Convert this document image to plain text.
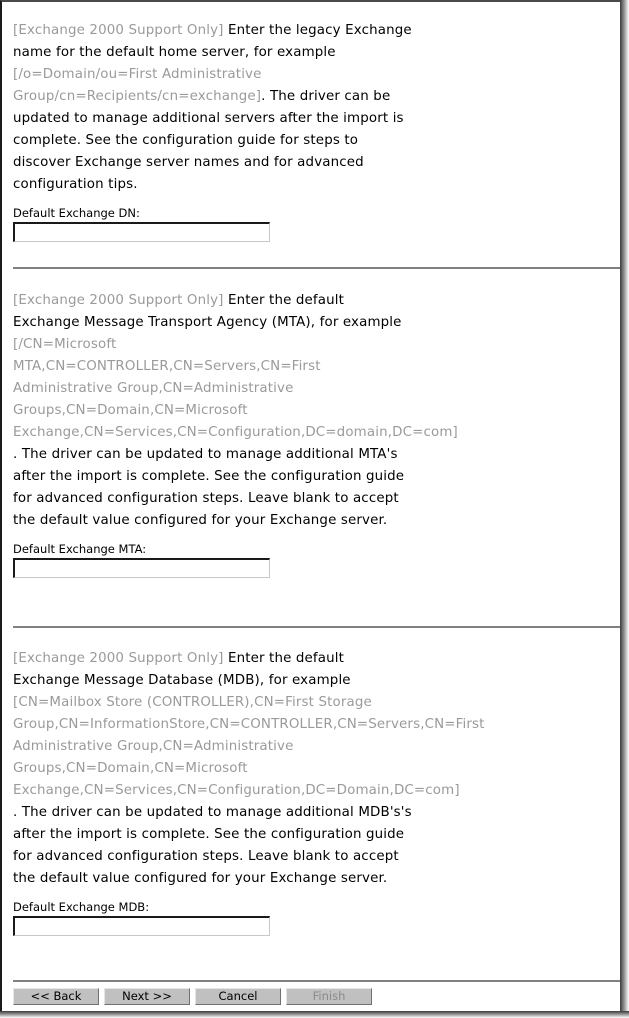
[Exchange 2000 Support Only] Enter the legacy Exchange name for the default home server, for example [/o=Domain/ou=First Administrative Group/cn=Recipients/cn=exchange]. The driver can be updated to manage additional servers after the import is complete. See the configuration guide for steps to discover Exchange server names and for advanced configuration tips.

Default Exchange DN:

[Exchange 2000 Support Only] Enter the default Exchange Message Transport Agency (MTA), for example
[/CN=Microsoft
MTA,CN=CONTROLLER,CN=Servers,CN=First
Administrative Group,CN=Administrative
Groups,CN=Domain,CN=Microsoft
Exchange,CN=Services,CN=Configuration,DC=domain,DC=com]. The driver can be updated to manage additional MTA's after the import is complete. See the configuration guide for advanced configuration steps. Leave blank to accept the default value configured for your Exchange server.

Default Exchange MTA:

[Exchange 2000 Support Only] Enter the default Exchange Message Database (MDB), for example
[CN=Mailbox Store (CONTROLLER),CN=First Storage
Group,CN=InformationStore,CN=CONTROLLER,CN=Servers,CN=First
Administrative Group,CN=Administrative
Groups,CN=Domain,CN=Microsoft
Exchange,CN=Services,CN=Configuration,DC=Domain,DC=com]. The driver can be updated to manage additional MDB's's after the import is complete. See the configuration guide for advanced configuration steps. Leave blank to accept the default value configured for your Exchange server.

Default Exchange MDB:
<< Back	Next >>	Cancel	Finish
